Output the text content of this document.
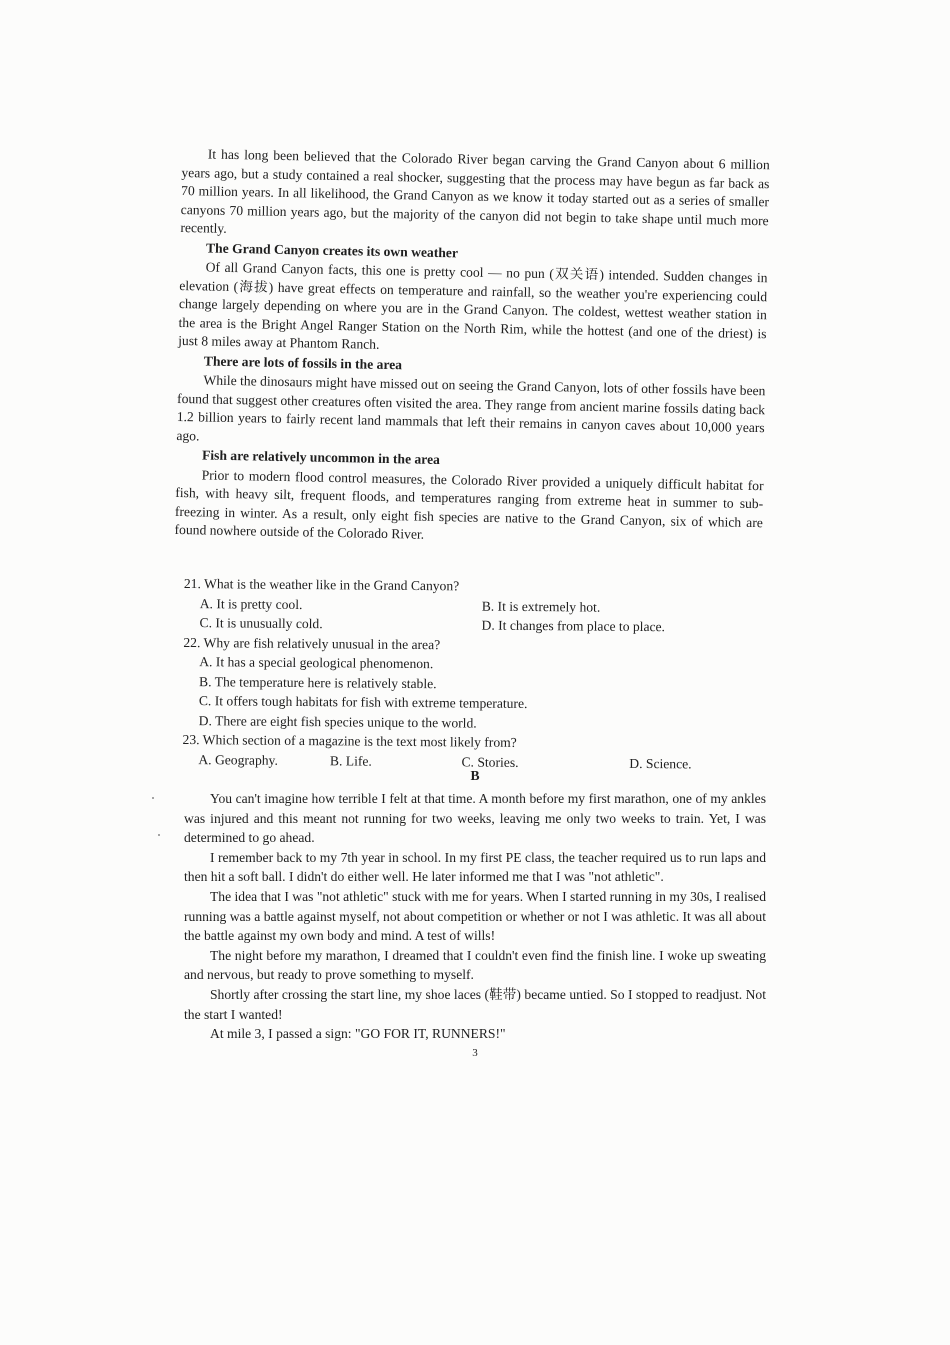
It has long been believed that the Colorado River began carving the Grand Canyon about 6 million years ago, but a study contained a real shocker, suggesting that the process may have begun as far back as 70 million years. In all likelihood, the Grand Canyon as we know it today started out as a series of smaller canyons 70 million years ago, but the majority of the canyon did not begin to take shape until much more recently.

The Grand Canyon creates its own weather

Of all Grand Canyon facts, this one is pretty cool — no pun (双关语) intended. Sudden changes in elevation (海拔) have great effects on temperature and rainfall, so the weather you're experiencing could change largely depending on where you are in the Grand Canyon. The coldest, wettest weather station in the area is the Bright Angel Ranger Station on the North Rim, while the hottest (and one of the driest) is just 8 miles away at Phantom Ranch.

There are lots of fossils in the area

While the dinosaurs might have missed out on seeing the Grand Canyon, lots of other fossils have been found that suggest other creatures often visited the area. They range from ancient marine fossils dating back 1.2 billion years to fairly recent land mammals that left their remains in canyon caves about 10,000 years ago.

Fish are relatively uncommon in the area

Prior to modern flood control measures, the Colorado River provided a uniquely difficult habitat for fish, with heavy silt, frequent floods, and temperatures ranging from extreme heat in summer to sub-freezing in winter. As a result, only eight fish species are native to the Grand Canyon, six of which are found nowhere outside of the Colorado River.

21. What is the weather like in the Grand Canyon?
A. It is pretty cool.	B. It is extremely hot.
C. It is unusually cold.	D. It changes from place to place.
22. Why are fish relatively unusual in the area?
A. It has a special geological phenomenon.
B. The temperature here is relatively stable.
C. It offers tough habitats for fish with extreme temperature.
D. There are eight fish species unique to the world.
23. Which section of a magazine is the text most likely from?
A. Geography.	B. Life.	C. Stories.	D. Science.
B

You can't imagine how terrible I felt at that time. A month before my first marathon, one of my ankles was injured and this meant not running for two weeks, leaving me only two weeks to train. Yet, I was determined to go ahead.

I remember back to my 7th year in school. In my first PE class, the teacher required us to run laps and then hit a soft ball. I didn't do either well. He later informed me that I was "not athletic".

The idea that I was "not athletic" stuck with me for years. When I started running in my 30s, I realised running was a battle against myself, not about competition or whether or not I was athletic. It was all about the battle against my own body and mind. A test of wills!

The night before my marathon, I dreamed that I couldn't even find the finish line. I woke up sweating and nervous, but ready to prove something to myself.

Shortly after crossing the start line, my shoe laces (鞋带) became untied. So I stopped to readjust. Not the start I wanted!

At mile 3, I passed a sign: "GO FOR IT, RUNNERS!"

3
